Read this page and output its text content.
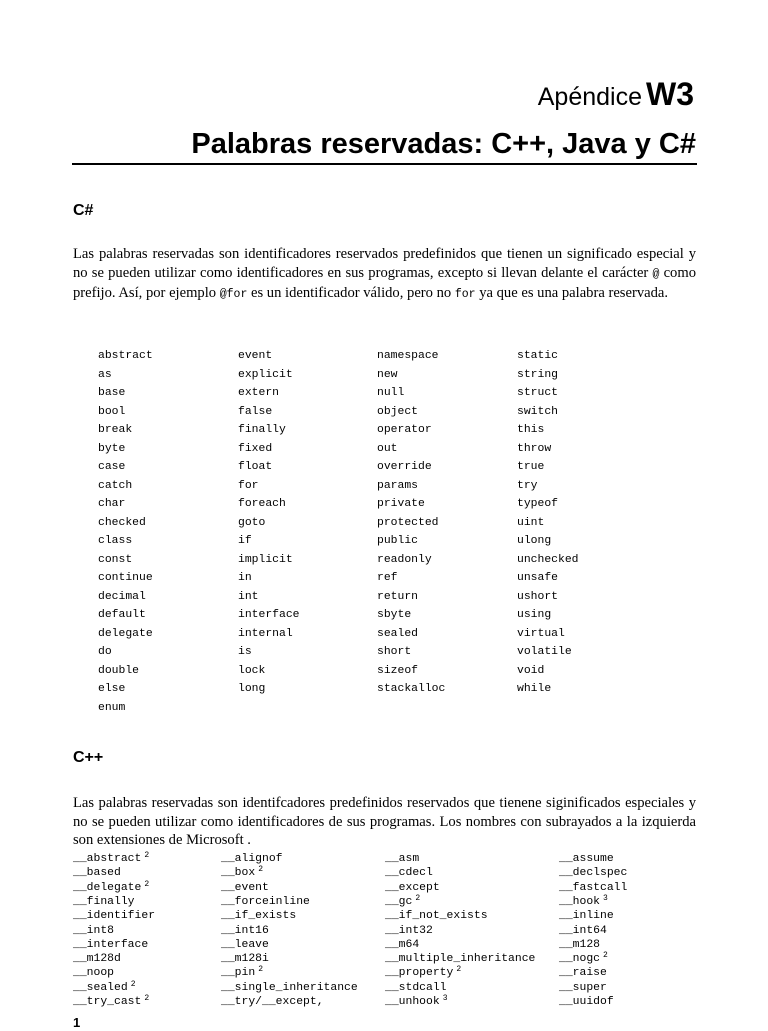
Apéndice W3
Palabras reservadas: C++, Java y C#
C#
Las palabras reservadas son identificadores reservados predefinidos que tienen un significado especial y no se pueden utilizar como identificadores en sus programas, excepto si llevan delante el carácter @ como prefijo. Así, por ejemplo @for es un identificador válido, pero no for ya que es una palabra reservada.
abstract
as
base
bool
break
byte
case
catch
char
checked
class
const
continue
decimal
default
delegate
do
double
else
enum
event
explicit
extern
false
finally
fixed
float
for
foreach
goto
if
implicit
in
int
interface
internal
is
lock
long
namespace
new
null
object
operator
out
override
params
private
protected
public
readonly
ref
return
sbyte
sealed
short
sizeof
stackalloc
static
string
struct
switch
this
throw
true
try
typeof
uint
ulong
unchecked
unsafe
ushort
using
virtual
volatile
void
while
C++
Las palabras reservadas son identifcadores predefinidos reservados que tienene siginificados especiales y no se pueden utilizar como identificadores de sus programas. Los nombres con subrayados a la izquierda son extensiones de Microsoft .
__abstract $^2$
__based
__delegate $^2$
__finally
__identifier
__int8
__interface
__m128d
__noop
__sealed $^2$
__try_cast $^2$
__alignof
__box $^2$
__event
__forceinline
__if_exists
__int16
__leave
__m128i
__pin $^2$
__single_inheritance
__try/__except,
__asm
__cdecl
__except
__gc $^2$
__if_not_exists
__int32
__m64
__multiple_inheritance
__property $^2$
__stdcall
__unhook $^3$
__assume
__declspec
__fastcall
__hook $^3$
__inline
__int64
__m128
__nogc $^2$
__raise
__super
__uuidof
1
